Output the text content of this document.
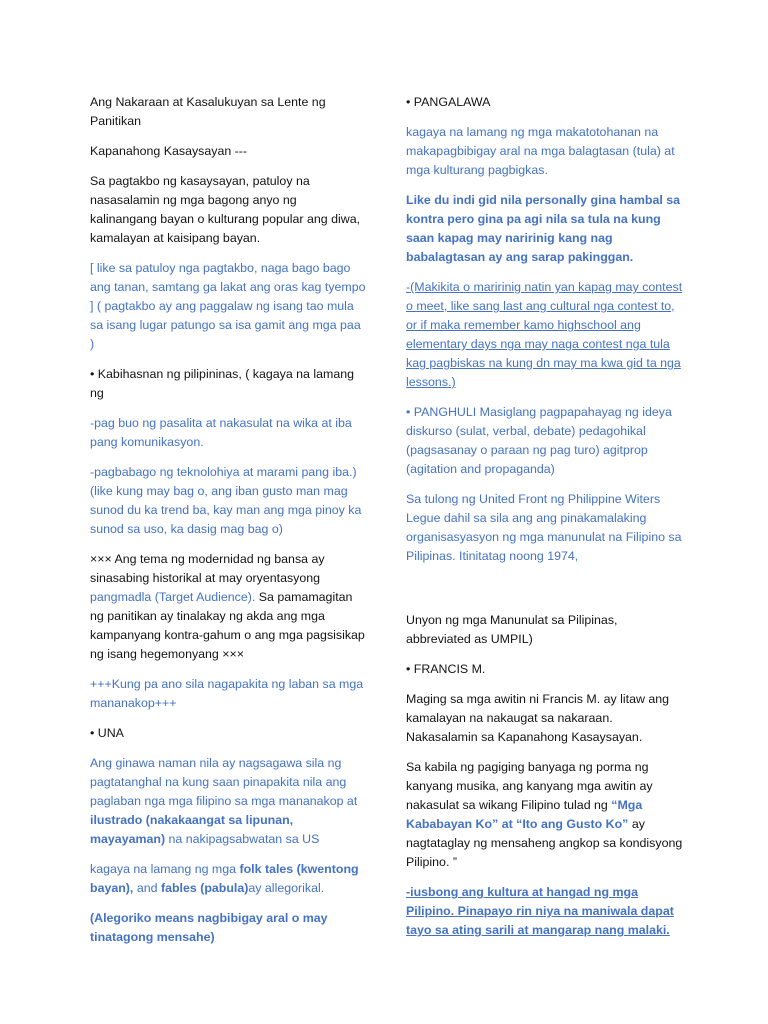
Ang Nakaraan at Kasalukuyan sa Lente ng Panitikan

Kapanahong Kasaysayan ---

Sa pagtakbo ng kasaysayan, patuloy na nasasalamin ng mga bagong anyo ng kalinangang bayan o kulturang popular ang diwa, kamalayan at kaisipang bayan.

[ like sa patuloy nga pagtakbo, naga bago bago ang tanan, samtang ga lakat ang oras kag tyempo ] ( pagtakbo ay ang paggalaw ng isang tao mula sa isang lugar patungo sa isa gamit ang mga paa )

• Kabihasnan ng pilipininas, ( kagaya na lamang ng

-pag buo ng pasalita at nakasulat na wika at iba pang komunikasyon.

-pagbabago ng teknolohiya at marami pang iba.) (like kung may bag o, ang iban gusto man mag sunod du ka trend ba, kay man ang mga pinoy ka sunod sa uso, ka dasig mag bag o)

××× Ang tema ng modernidad ng bansa ay sinasabing historikal at may oryentasyong pangmadla (Target Audience). Sa pamamagitan ng panitikan ay tinalakay ng akda ang mga kampanyang kontra-gahum o ang mga pagsisikap ng isang hegemonyang ×××

+++Kung pa ano sila nagapakita ng laban sa mga mananakop+++

• UNA

Ang ginawa naman nila ay nagsagawa sila ng pagtatanghal na kung saan pinapakita nila ang paglaban nga mga filipino sa mga mananakop at ilustrado (nakakaangat sa lipunan, mayayaman) na nakipagsabwatan sa US

kagaya na lamang ng mga folk tales (kwentong bayan), and fables (pabula)ay allegorikal.

(Alegoriko means nagbibigay aral o may tinatagong mensahe)

• PANGALAWA

kagaya na lamang ng mga makatotohanan na makapagbibigay aral na mga balagtasan (tula) at mga kulturang pagbigkas.

Like du indi gid nila personally gina hambal sa kontra pero gina pa agi nila sa tula na kung saan kapag may naririnig kang nag babalagtasan ay ang sarap pakinggan.

-(Makikita o maririnig natin yan kapag may contest o meet, like sang last ang cultural nga contest to, or if maka remember kamo highschool ang elementary days nga may naga contest nga tula kag pagbiskas na kung dn may ma kwa gid ta nga lessons.)

• PANGHULI Masiglang pagpapahayag ng ideya diskurso (sulat, verbal, debate) pedagohikal (pagsasanay o paraan ng pag turo) agitprop (agitation and propaganda)

Sa tulong ng United Front ng Philippine Witers Legue dahil sa sila ang ang pinakamalaking organisasyasyon ng mga manunulat na Filipino sa Pilipinas. Itinitatag noong 1974,

Unyon ng mga Manunulat sa Pilipinas, abbreviated as UMPIL)

• FRANCIS M.

Maging sa mga awitin ni Francis M. ay litaw ang kamalayan na nakaugat sa nakaraan. Nakasalamin sa Kapanahong Kasaysayan.

Sa kabila ng pagiging banyaga ng porma ng kanyang musika, ang kanyang mga awitin ay nakasulat sa wikang Filipino tulad ng “Mga Kababayan Ko” at “Ito ang Gusto Ko” ay nagtataglay ng mensaheng angkop sa kondisyong Pilipino. ”

-iusbong ang kultura at hangad ng mga Pilipino. Pinapayo rin niya na maniwala dapat tayo sa ating sarili at mangarap nang malaki.
